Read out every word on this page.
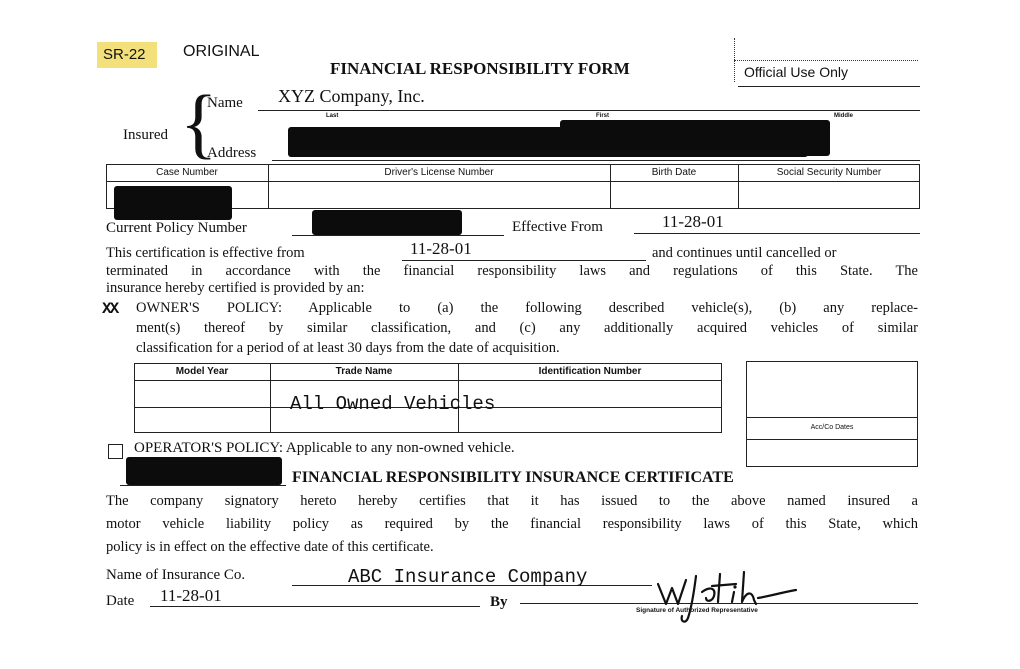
SR-22 ORIGINAL
FINANCIAL RESPONSIBILITY FORM	Official Use Only
Insured {
Name XYZ Company, Inc.
Last	First	Middle
Address
Case Number	Driver's License Number	Birth Date	Social Security Number
Current Policy Number	Effective From	11-28-01
This certification is effective from	11-28-01	and continues until cancelled or
terminated in accordance with the financial responsibility laws and regulations of this State. The
insurance hereby certified is provided by an:
XX OWNER'S POLICY: Applicable to (a) the following described vehicle(s), (b) any replace-
ment(s) thereof by similar classification, and (c) any additionally acquired vehicles of similar
classification for a period of at least 30 days from the date of acquisition.
Model Year	Trade Name	Identification Number
All Owned Vehicles
Acc/Co Dates
OPERATOR'S POLICY: Applicable to any non-owned vehicle.
FINANCIAL RESPONSIBILITY INSURANCE CERTIFICATE
The company signatory hereto hereby certifies that it has issued to the above named insured a
motor vehicle liability policy as required by the financial responsibility laws of this State, which
policy is in effect on the effective date of this certificate.
Name of Insurance Co.	ABC Insurance Company
Date 11-28-01	By
Signature of Authorized Representative
